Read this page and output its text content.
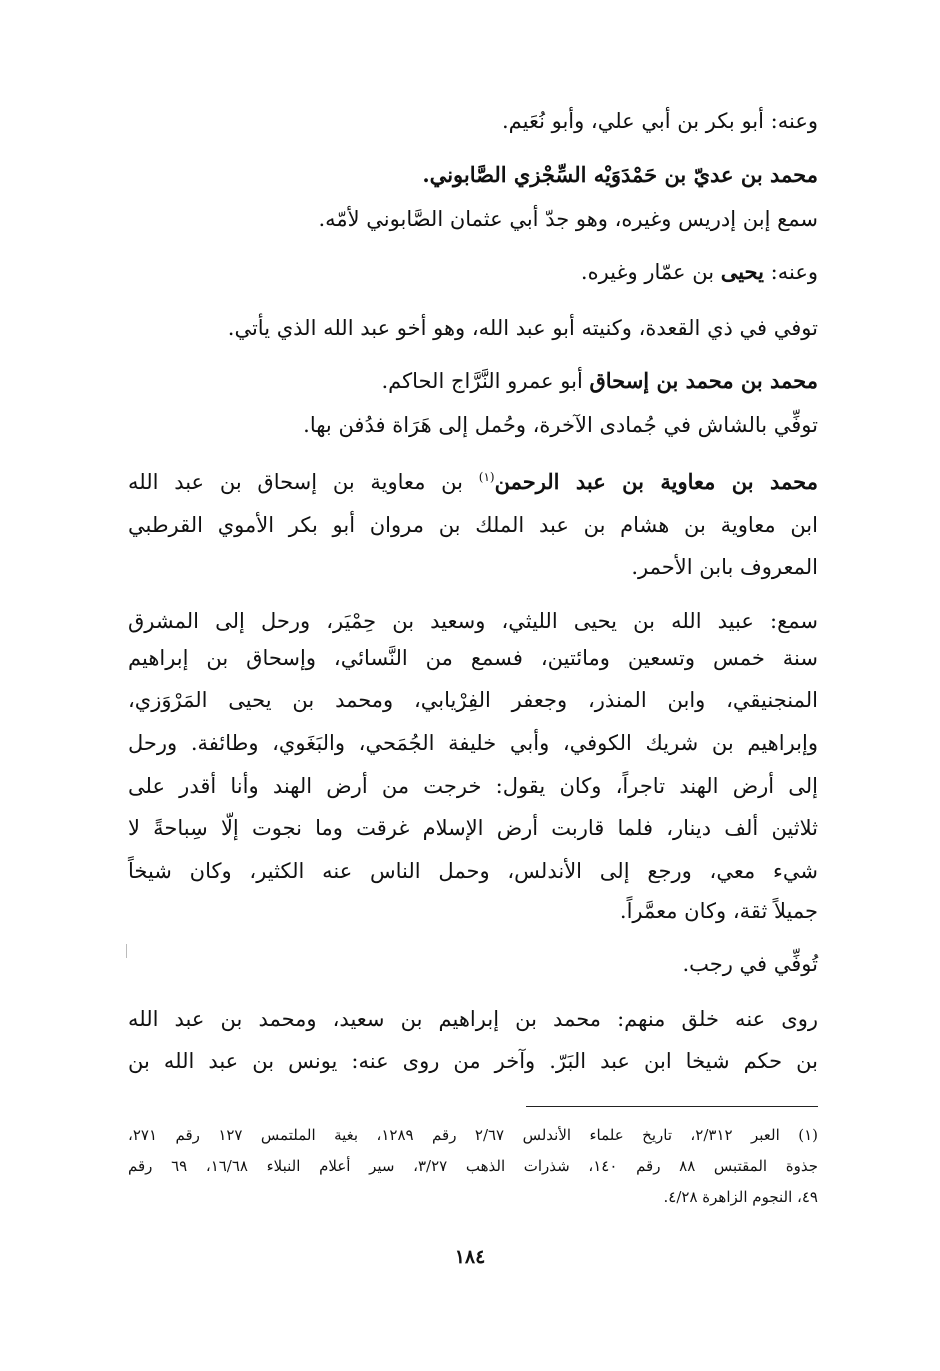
وعنه: أبو بكر بن أبي علي، وأبو نُعَيم.
محمد بن عديّ بن حَمْدَوَيْه السِّجْزي الصَّابوني.
سمع إبن إدريس وغيره، وهو جدّ أبي عثمان الصَّابوني لأمّه.
وعنه: يحيى بن عمّار وغيره.
توفي في ذي القعدة، وكنيته أبو عبد الله، وهو أخو عبد الله الذي يأتي.
محمد بن محمد بن إسحاق أبو عمرو النَّرَّاج الحاكم.
توفِّي بالشاش في جُمادى الآخرة، وحُمل إلى هَرَاة فدُفن بها.
محمد بن معاوية بن عبد الرحمن$^{(١)}$ بن معاوية بن إسحاق بن عبد الله
ابن معاوية بن هشام بن عبد الملك بن مروان أبو بكر الأموي القرطبي
المعروف بابن الأحمر.
سمع: عبيد الله بن يحيى الليثي، وسعيد بن حِمْيَر، ورحل إلى المشرق
سنة خمس وتسعين ومائتين، فسمع من النَّسائي، وإسحاق بن إبراهيم
المنجنيقي، وابن المنذر، وجعفر الفِرْيابي، ومحمد بن يحيى المَرْوَزي،
وإبراهيم بن شريك الكوفي، وأبي خليفة الجُمَحي، والبَغَوي، وطائفة. ورحل
إلى أرض الهند تاجراً، وكان يقول: خرجت من أرض الهند وأنا أقدر على
ثلاثين ألف دينار، فلما قاربت أرض الإسلام غرقت وما نجوت إلّا سِباحةً لا
شيء معي، ورجع إلى الأندلس، وحمل الناس عنه الكثير، وكان شيخاً
جميلاً ثقة، وكان معمَّراً.
تُوفِّي في رجب.
روى عنه خلق منهم: محمد بن إبراهيم بن سعيد، ومحمد بن عبد الله
بن حكم شيخا ابن عبد البَرّ. وآخر من روى عنه: يونس بن عبد الله بن
(١) العبر ٢/٣١٢، تاريخ علماء الأندلس ٢/٦٧ رقم ١٢٨٩، بغية الملتمس ١٢٧ رقم ٢٧١،
جذوة المقتبس ٨٨ رقم ١٤٠، شذرات الذهب ٣/٢٧، سير أعلام النبلاء ١٦/٦٨، ٦٩ رقم
٤٩، النجوم الزاهرة ٤/٢٨.
١٨٤
